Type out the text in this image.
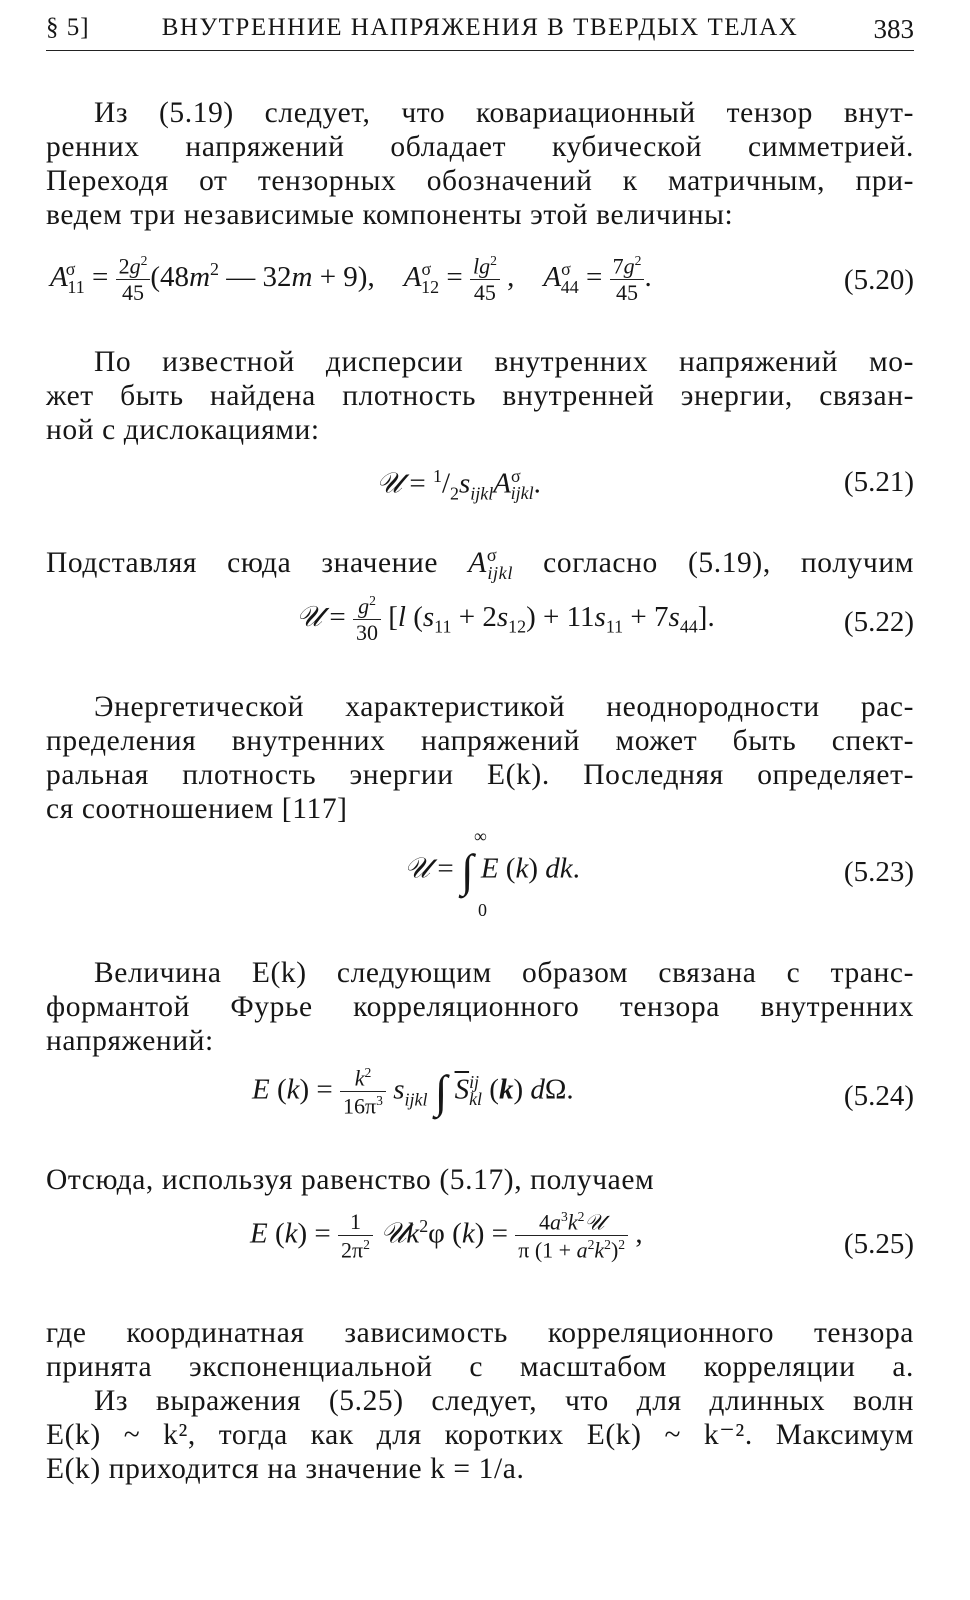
§ 5]	ВНУТРЕННИЕ НАПРЯЖЕНИЯ В ТВЕРДЫХ ТЕЛАХ	383
Из (5.19) следует, что ковариационный тензор внут-
ренних напряжений обладает кубической симметрией.
Переходя от тензорных обозначений к матричным, при-
ведем три независимые компоненты этой величины:
$A^\sigma_{11} = \frac{2g^2}{45} (48m^2$ — 32m + 9),    $A^\sigma_{12} = \frac{\lg^2}{45}$ ,    $A^\sigma_{44} = \frac{7g^2}{45}$ .	(5.20)
По известной дисперсии внутренних напряжений мо-
жет быть найдена плотность внутренней энергии, связан-
ной с дислокациями:
𝒰 = $^1/_2s_{ijkl}A^\sigma_{ijkl}$.	(5.21)
Подставляя сюда значение $A^\sigma_{ijkl}$ согласно (5.19), получим
𝒰 = $\frac{g^2}{30} [l$ $(s_{11} + 2s_{12}) + 11s_{11} + 7s_{44}$].	(5.22)
Энергетической характеристикой неоднородности рас-
пределения внутренних напряжений может быть спект-
ральная плотность энергии E(k). Последняя определяет-
ся соотношением [117]
𝒰 = ∫ E (k) dk.
∞
0
(5.23)
Величина E(k) следующим образом связана с транс-
формантой Фурье корреляционного тензора внутренних
напряжений:
E $(k) = \frac{k^2}{16\pi^3} s_{ijkl}$ ∫ $\overline{S}^{ij}_{kl}$ (k) dΩ.	(5.24)
Отсюда, используя равенство (5.17), получаем
E $(k) = \frac{1}{2\pi^2}$ 𝒰k$^2$φ $(k) = \frac{4a^3k^2𝒰}{\pi (1 + a^2k^2)^2}$ ,	(5.25)
где координатная зависимость корреляционного тензора
принята экспоненциальной с масштабом корреляции a.
Из выражения (5.25) следует, что для длинных волн
E(k) ~ k², тогда как для коротких E(k) ~ k⁻². Максимум
E(k) приходится на значение k = 1/a.
